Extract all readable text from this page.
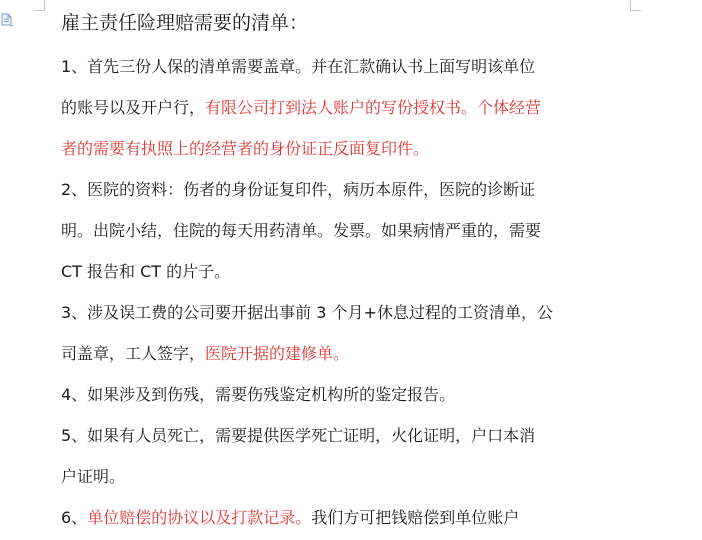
雇主责任险理赔需要的清单：
1、首先三份人保的清单需要盖章。并在汇款确认书上面写明该单位
的账号以及开户行，有限公司打到法人账户的写份授权书。个体经营
者的需要有执照上的经营者的身份证正反面复印件。
2、医院的资料：伤者的身份证复印件，病历本原件，医院的诊断证
明。出院小结，住院的每天用药清单。发票。如果病情严重的，需要
CT 报告和 CT 的片子。
3、涉及误工费的公司要开据出事前 3 个月+休息过程的工资清单，公
司盖章，工人签字，医院开据的建修单。
4、如果涉及到伤残，需要伤残鉴定机构所的鉴定报告。
5、如果有人员死亡，需要提供医学死亡证明，火化证明，户口本消
户证明。
6、单位赔偿的协议以及打款记录。我们方可把钱赔偿到单位账户
